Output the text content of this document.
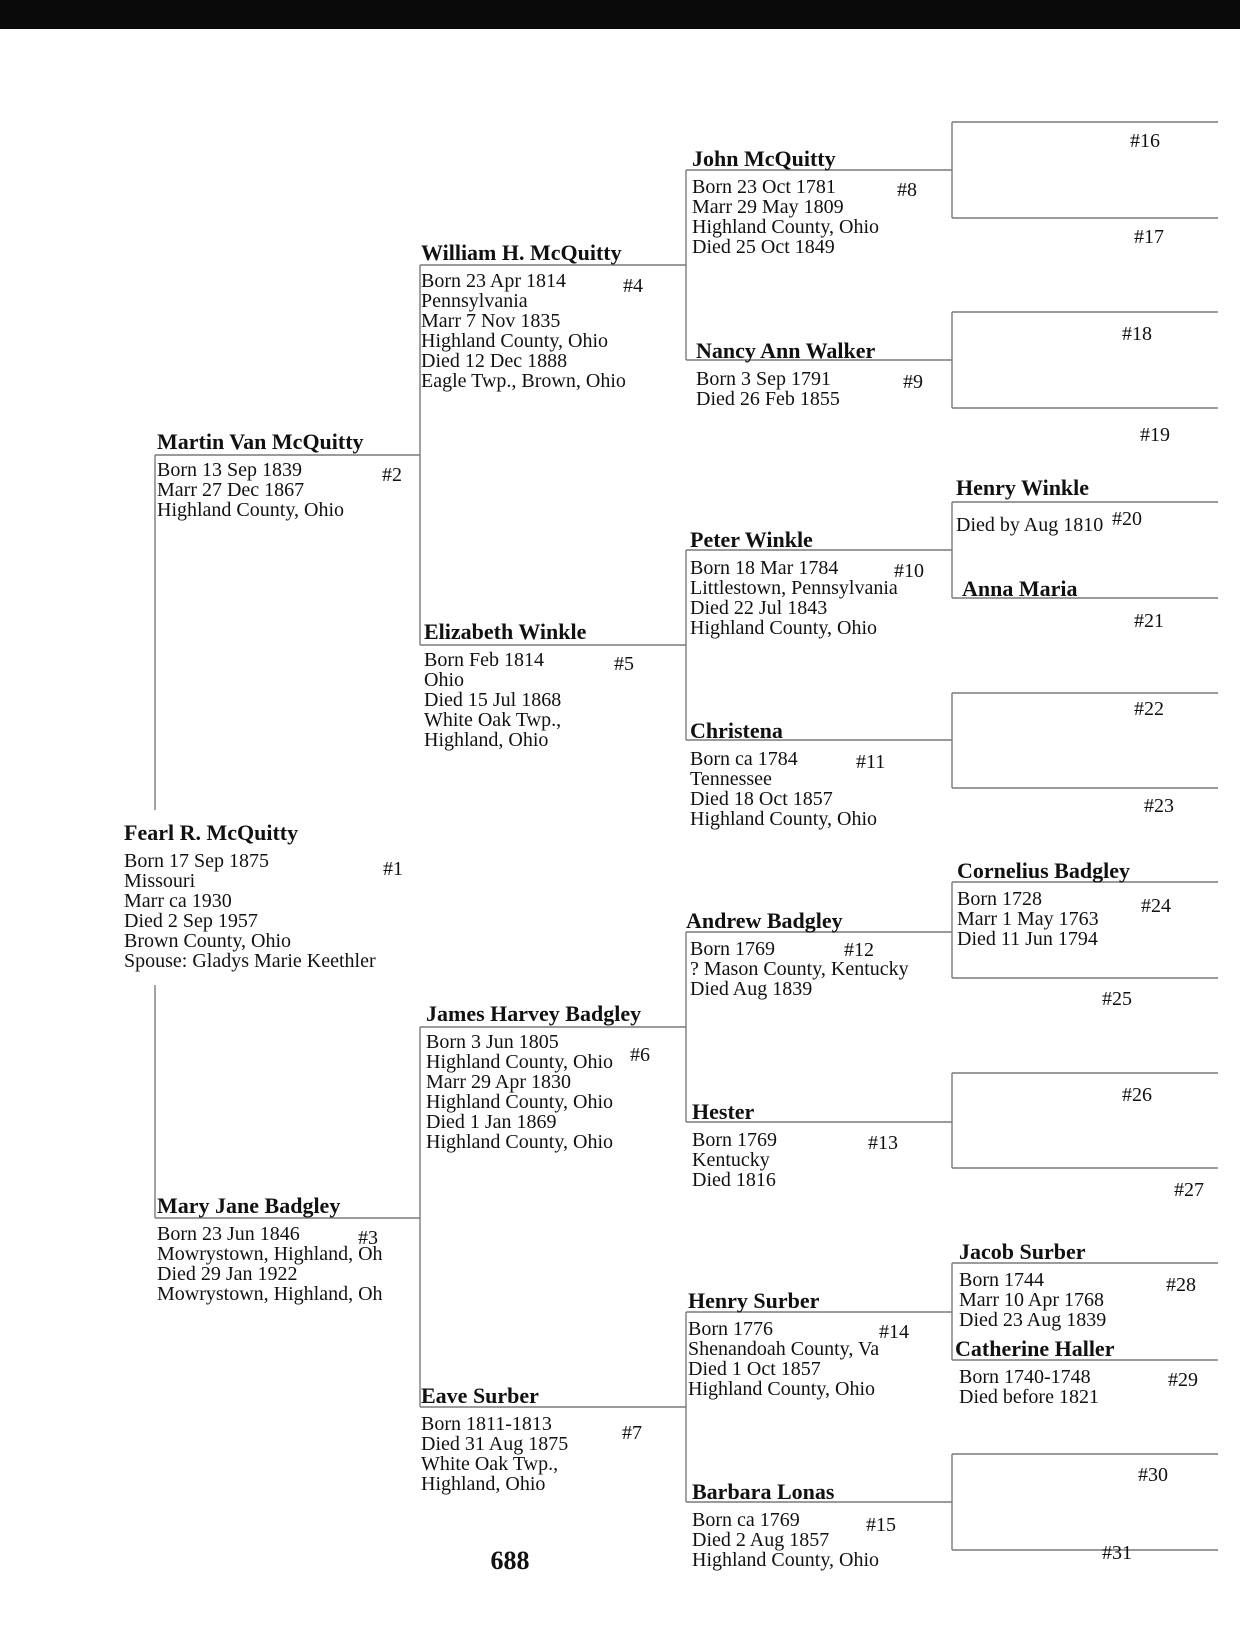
Fearl R. McQuitty
Born 17 Sep 1875
Missouri
Marr ca 1930
Died 2 Sep 1957
Brown County, Ohio
Spouse: Gladys Marie Keethler
#1
Martin Van McQuitty
Born 13 Sep 1839
Marr 27 Dec 1867
Highland County, Ohio
#2
Mary Jane Badgley
Born 23 Jun 1846
Mowrystown, Highland, Oh
Died 29 Jan 1922
Mowrystown, Highland, Oh
#3
William H. McQuitty
Born 23 Apr 1814
Pennsylvania
Marr 7 Nov 1835
Highland County, Ohio
Died 12 Dec 1888
Eagle Twp., Brown, Ohio
#4
Elizabeth Winkle
Born Feb 1814
Ohio
Died 15 Jul 1868
White Oak Twp.,
Highland, Ohio
#5
James Harvey Badgley
Born 3 Jun 1805
Highland County, Ohio
Marr 29 Apr 1830
Highland County, Ohio
Died 1 Jan 1869
Highland County, Ohio
#6
Eave Surber
Born 1811-1813
Died 31 Aug 1875
White Oak Twp.,
Highland, Ohio
#7
John McQuitty
Born 23 Oct 1781
Marr 29 May 1809
Highland County, Ohio
Died 25 Oct 1849
#8
Nancy Ann Walker
Born 3 Sep 1791
Died 26 Feb 1855
#9
Peter Winkle
Born 18 Mar 1784
Littlestown, Pennsylvania
Died 22 Jul 1843
Highland County, Ohio
#10
Christena
Born ca 1784
Tennessee
Died 18 Oct 1857
Highland County, Ohio
#11
Andrew Badgley
Born 1769
? Mason County, Kentucky
Died Aug 1839
#12
Hester
Born 1769
Kentucky
Died 1816
#13
Henry Surber
Born 1776
Shenandoah County, Va
Died 1 Oct 1857
Highland County, Ohio
#14
Barbara Lonas
Born ca 1769
Died 2 Aug 1857
Highland County, Ohio
#15
#16
#17
#18
#19
Henry Winkle
Died by Aug 1810 #20
Anna Maria
#21
#22
#23
Cornelius Badgley
Born 1728
Marr 1 May 1763
Died 11 Jun 1794
#24
#25
#26
#27
Jacob Surber
Born 1744
Marr 10 Apr 1768
Died 23 Aug 1839
#28
Catherine Haller
Born 1740-1748
Died before 1821
#29
#30
#31
688
